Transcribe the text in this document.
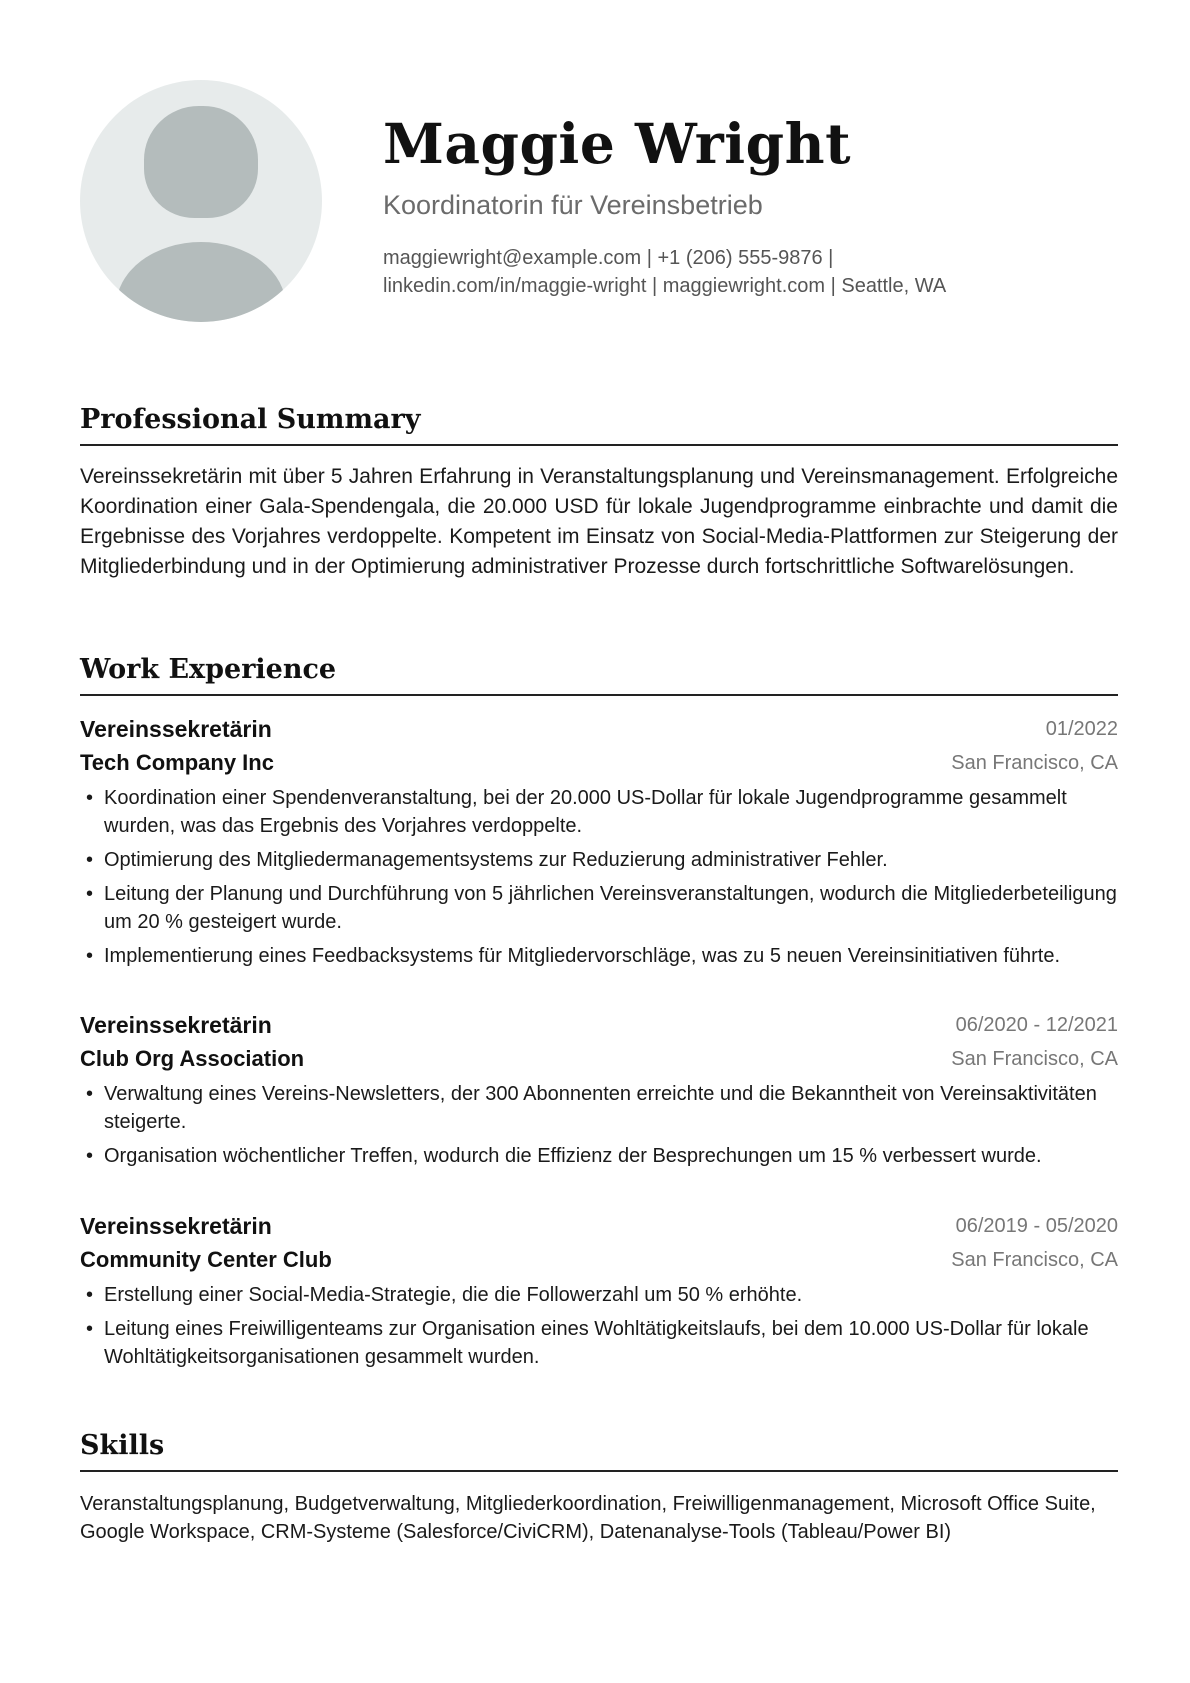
Maggie Wright
Koordinatorin für Vereinsbetrieb
maggiewright@example.com | +1 (206) 555-9876 |
linkedin.com/in/maggie-wright | maggiewright.com | Seattle, WA
Professional Summary

Vereinssekretärin mit über 5 Jahren Erfahrung in Veranstaltungsplanung und Vereinsmanagement. Erfolgreiche Koordination einer Gala-Spendengala, die 20.000 USD für lokale Jugendprogramme einbrachte und damit die Ergebnisse des Vorjahres verdoppelte. Kompetent im Einsatz von Social-Media-Plattformen zur Steigerung der Mitgliederbindung und in der Optimierung administrativer Prozesse durch fortschrittliche Softwarelösungen.

Work Experience
Vereinssekretärin	01/2022
Tech Company Inc	San Francisco, CA
• Koordination einer Spendenveranstaltung, bei der 20.000 US-Dollar für lokale Jugendprogramme gesammelt wurden, was das Ergebnis des Vorjahres verdoppelte.
• Optimierung des Mitgliedermanagementsystems zur Reduzierung administrativer Fehler.
• Leitung der Planung und Durchführung von 5 jährlichen Vereinsveranstaltungen, wodurch die Mitgliederbeteiligung um 20 % gesteigert wurde.
• Implementierung eines Feedbacksystems für Mitgliedervorschläge, was zu 5 neuen Vereinsinitiativen führte.
Vereinssekretärin	06/2020 - 12/2021
Club Org Association	San Francisco, CA
• Verwaltung eines Vereins-Newsletters, der 300 Abonnenten erreichte und die Bekanntheit von Vereinsaktivitäten steigerte.
• Organisation wöchentlicher Treffen, wodurch die Effizienz der Besprechungen um 15 % verbessert wurde.
Vereinssekretärin	06/2019 - 05/2020
Community Center Club	San Francisco, CA
• Erstellung einer Social-Media-Strategie, die die Followerzahl um 50 % erhöhte.
• Leitung eines Freiwilligenteams zur Organisation eines Wohltätigkeitslaufs, bei dem 10.000 US-Dollar für lokale Wohltätigkeitsorganisationen gesammelt wurden.
Skills

Veranstaltungsplanung, Budgetverwaltung, Mitgliederkoordination, Freiwilligenmanagement, Microsoft Office Suite, Google Workspace, CRM-Systeme (Salesforce/CiviCRM), Datenanalyse-Tools (Tableau/Power BI)
